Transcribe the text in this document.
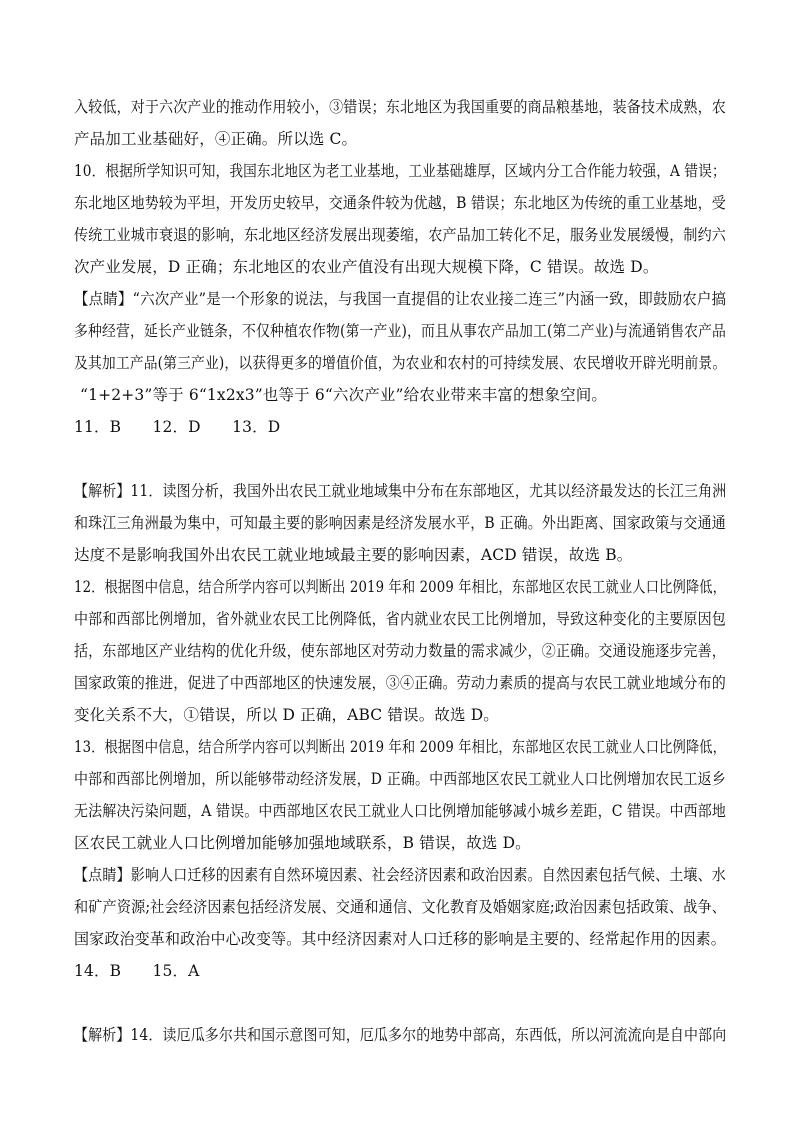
入较低，对于六次产业的推动作用较小，③错误；东北地区为我国重要的商品粮基地，装备技术成熟，农
产品加工业基础好，④正确。所以选 C。
10．根据所学知识可知，我国东北地区为老工业基地，工业基础雄厚，区域内分工合作能力较强，A 错误；
东北地区地势较为平坦，开发历史较早，交通条件较为优越，B 错误；东北地区为传统的重工业基地，受
传统工业城市衰退的影响，东北地区经济发展出现萎缩，农产品加工转化不足，服务业发展缓慢，制约六
次产业发展，D 正确；东北地区的农业产值没有出现大规模下降，C 错误。故选 D。
【点睛】“六次产业”是一个形象的说法，与我国一直提倡的让农业接二连三”内涵一致，即鼓励农户搞
多种经营，延长产业链条，不仅种植农作物(第一产业)，而且从事农产品加工(第二产业)与流通销售农产品
及其加工产品(第三产业)，以获得更多的增值价值，为农业和农村的可持续发展、农民增收开辟光明前景。
“1+2+3”等于 6“1x2x3”也等于 6“六次产业”给农业带来丰富的想象空间。
11．B　　12．D　　13．D
【解析】11．读图分析，我国外出农民工就业地域集中分布在东部地区，尤其以经济最发达的长江三角洲
和珠江三角洲最为集中，可知最主要的影响因素是经济发展水平，B 正确。外出距离、国家政策与交通通
达度不是影响我国外出农民工就业地域最主要的影响因素，ACD 错误，故选 B。
12．根据图中信息，结合所学内容可以判断出 2019 年和 2009 年相比，东部地区农民工就业人口比例降低，
中部和西部比例增加，省外就业农民工比例降低，省内就业农民工比例增加，导致这种变化的主要原因包
括，东部地区产业结构的优化升级，使东部地区对劳动力数量的需求减少，②正确。交通设施逐步完善，
国家政策的推进，促进了中西部地区的快速发展，③④正确。劳动力素质的提高与农民工就业地域分布的
变化关系不大，①错误，所以 D 正确，ABC 错误。故选 D。
13．根据图中信息，结合所学内容可以判断出 2019 年和 2009 年相比，东部地区农民工就业人口比例降低，
中部和西部比例增加，所以能够带动经济发展，D 正确。中西部地区农民工就业人口比例增加农民工返乡
无法解决污染问题，A 错误。中西部地区农民工就业人口比例增加能够减小城乡差距，C 错误。中西部地
区农民工就业人口比例增加能够加强地域联系，B 错误，故选 D。
【点睛】影响人口迁移的因素有自然环境因素、社会经济因素和政治因素。自然因素包括气候、土壤、水
和矿产资源;社会经济因素包括经济发展、交通和通信、文化教育及婚姻家庭;政治因素包括政策、战争、
国家政治变革和政治中心改变等。其中经济因素对人口迁移的影响是主要的、经常起作用的因素。
14．B　　15．A
【解析】14．读厄瓜多尔共和国示意图可知，厄瓜多尔的地势中部高，东西低，所以河流流向是自中部向
